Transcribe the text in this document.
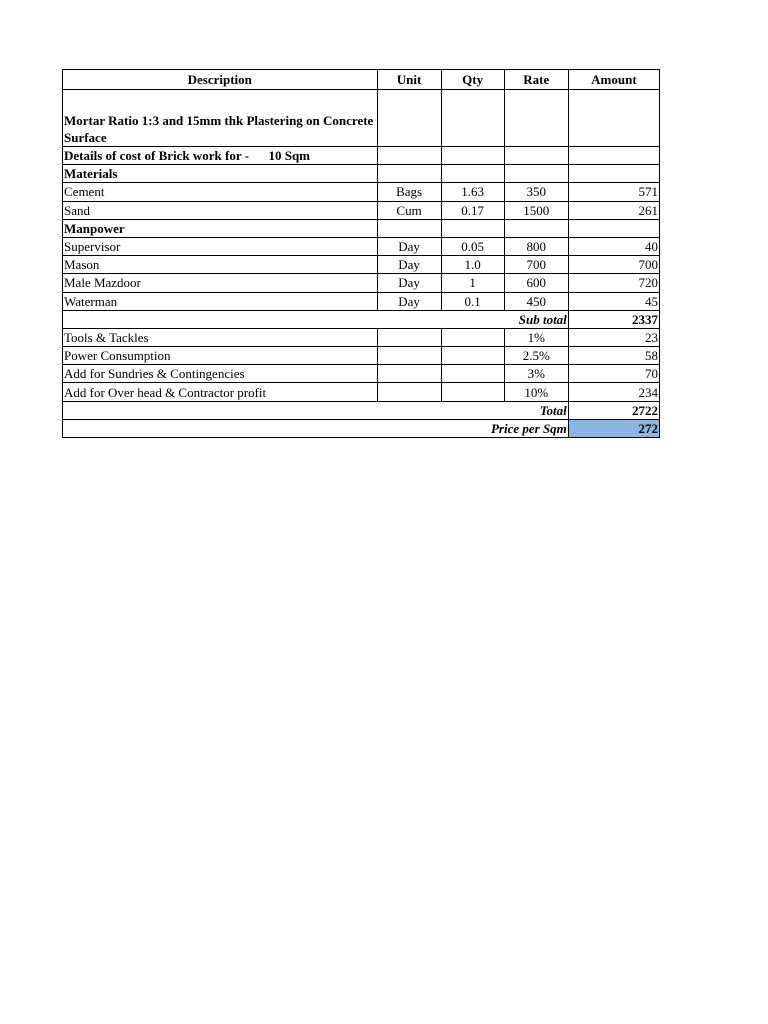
Description	Unit	Qty	Rate	Amount
Mortar Ratio 1:3 and 15mm thk Plastering on Concrete Surface				
Details of cost of Brick work for -      10 Sqm				
Materials				
Cement	Bags	1.63	350	571
Sand	Cum	0.17	1500	261
Manpower				
Supervisor	Day	0.05	800	40
Mason	Day	1.0	700	700
Male Mazdoor	Day	1	600	720
Waterman	Day	0.1	450	45
Sub total				2337
Tools & Tackles			1%	23
Power Consumption			2.5%	58
Add for Sundries & Contingencies			3%	70
Add for Over head & Contractor profit			10%	234
Total				2722
Price per Sqm				272
